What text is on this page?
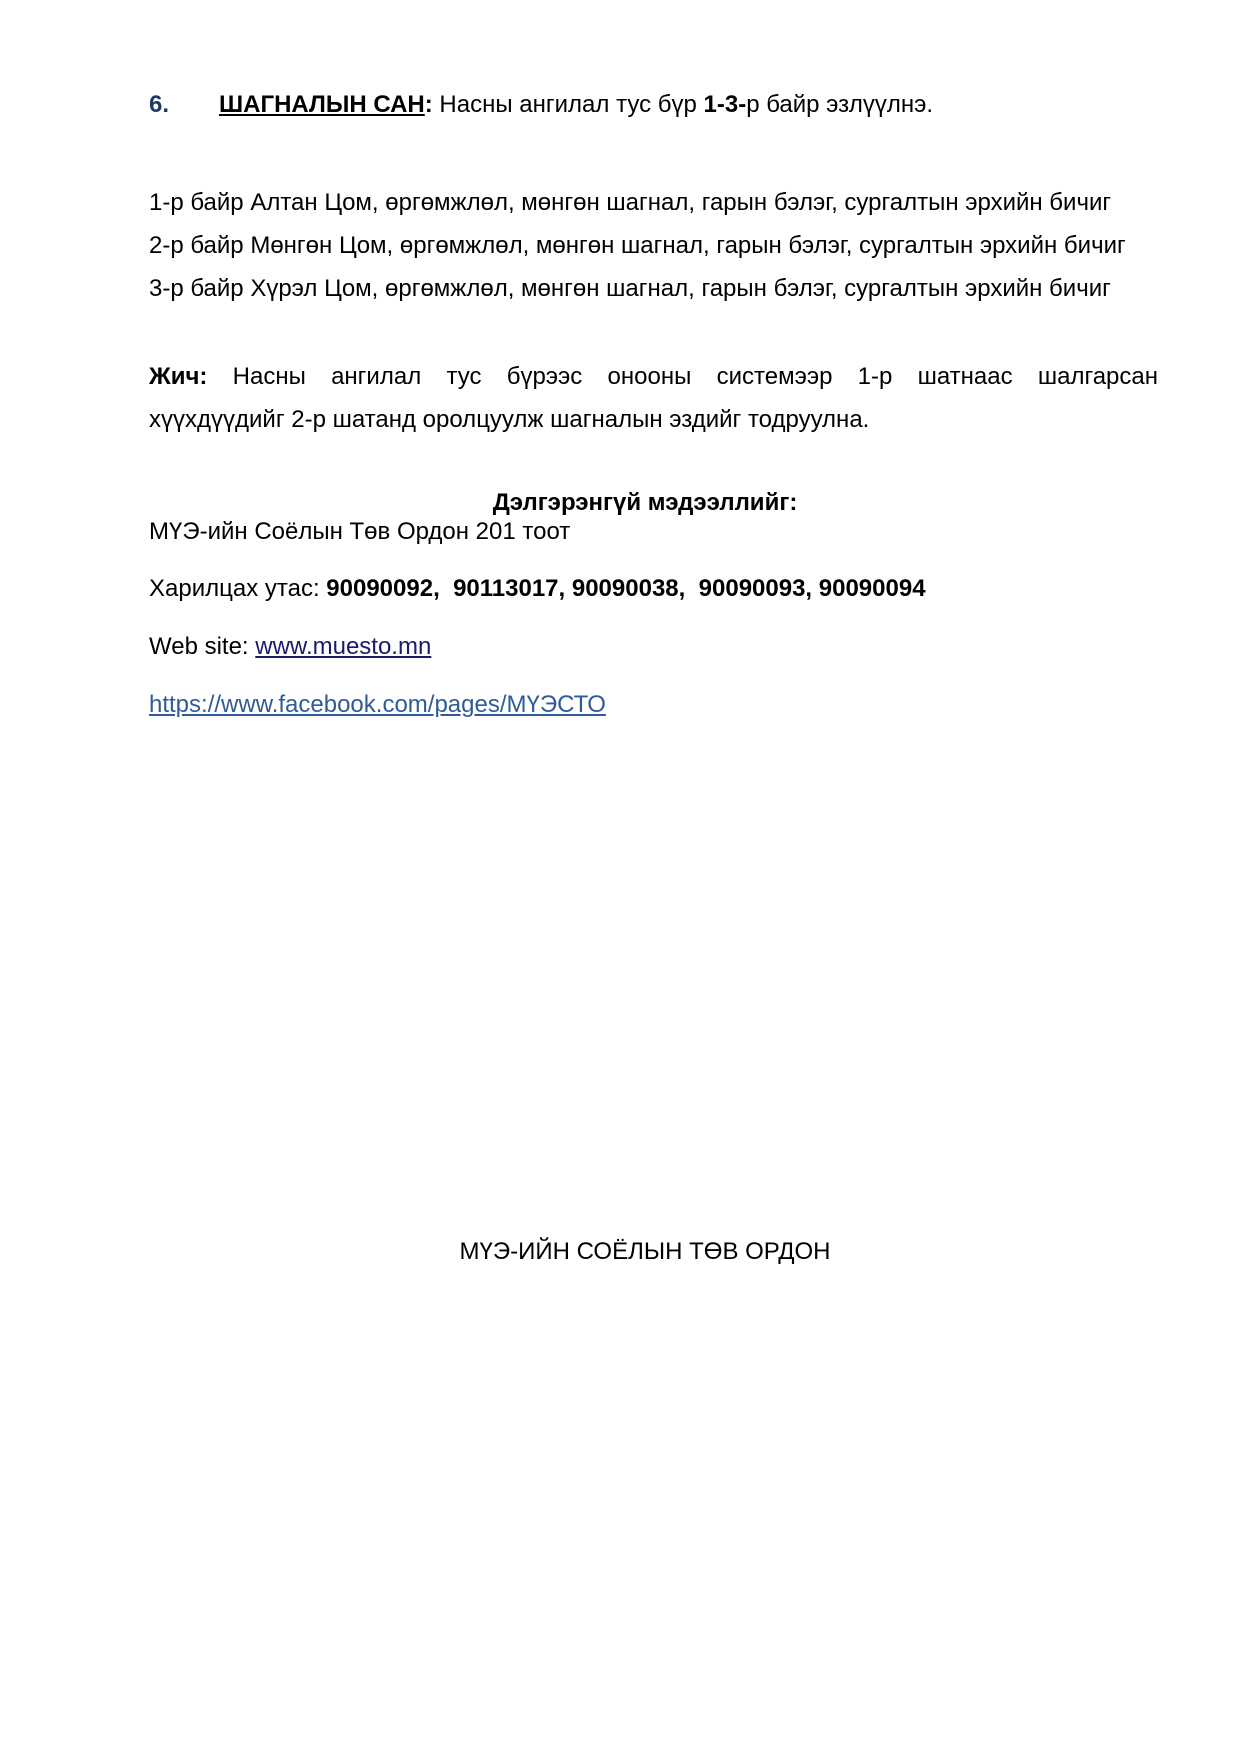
6. ШАГНАЛЫН САН: Насны ангилал тус бүр 1-3-р байр эзлүүлнэ.

1-р байр Алтан Цом, өргөмжлөл, мөнгөн шагнал, гарын бэлэг, сургалтын эрхийн бичиг

2-р байр Мөнгөн Цом, өргөмжлөл, мөнгөн шагнал, гарын бэлэг, сургалтын эрхийн бичиг

3-р байр Хүрэл Цом, өргөмжлөл, мөнгөн шагнал, гарын бэлэг, сургалтын эрхийн бичиг

Жич: Насны ангилал тус бүрээс онооны системээр 1-р шатнаас шалгарсан

хүүхдүүдийг 2-р шатанд оролцуулж шагналын эздийг тодруулна.

Дэлгэрэнгүй мэдээллийг:

МҮЭ-ийн Соёлын Төв Ордон 201 тоот

Харилцах утас: 90090092,  90113017, 90090038,  90090093, 90090094

Web site: www.muesto.mn

https://www.facebook.com/pages/МҮЭСТО

МҮЭ-ИЙН СОЁЛЫН ТӨВ ОРДОН
